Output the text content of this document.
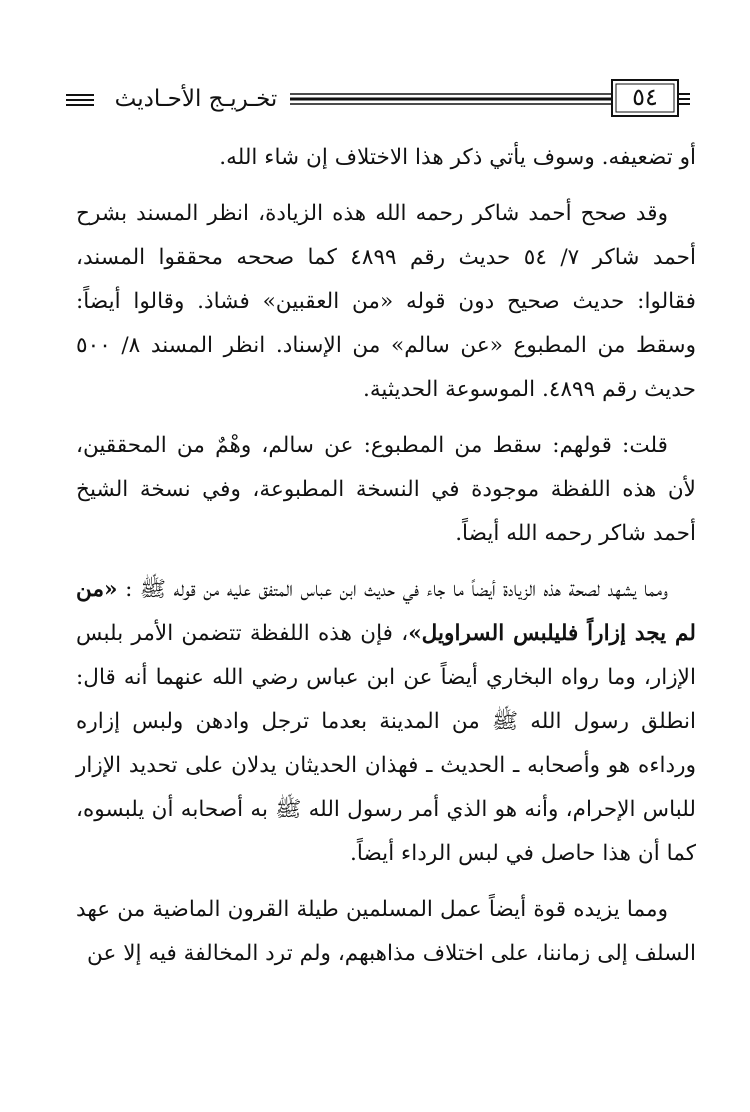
تخـريـج الأحـاديث	٥٤

أو تضعيفه. وسوف يأتي ذكر هذا الاختلاف إن شاء الله.

وقد صحح أحمد شاكر رحمه الله هذه الزيادة، انظر المسند بشرح أحمد شاكر ٧/ ٥٤ حديث رقم ٤٨٩٩ كما صححه محققوا المسند، فقالوا: حديث صحيح دون قوله «من العقبين» فشاذ. وقالوا أيضاً: وسقط من المطبوع «عن سالم» من الإسناد. انظر المسند ٨/ ٥٠٠ حديث رقم ٤٨٩٩. الموسوعة الحديثية.

قلت: قولهم: سقط من المطبوع: عن سالم، وهْمٌ من المحققين، لأن هذه اللفظة موجودة في النسخة المطبوعة، وفي نسخة الشيخ أحمد شاكر رحمه الله أيضاً.

ومما يشهد لصحة هذه الزيادة أيضاً ما جاء في حديث ابن عباس المتفق عليه من قوله ﷺ : «من لم يجد إزاراً فليلبس السراويل»، فإن هذه اللفظة تتضمن الأمر بلبس الإزار، وما رواه البخاري أيضاً عن ابن عباس رضي الله عنهما أنه قال: انطلق رسول الله ﷺ من المدينة بعدما ترجل وادهن ولبس إزاره ورداءه هو وأصحابه ـ الحديث ـ فهذان الحديثان يدلان على تحديد الإزار للباس الإحرام، وأنه هو الذي أمر رسول الله ﷺ به أصحابه أن يلبسوه، كما أن هذا حاصل في لبس الرداء أيضاً.

ومما يزيده قوة أيضاً عمل المسلمين طيلة القرون الماضية من عهد السلف إلى زماننا، على اختلاف مذاهبهم، ولم ترد المخالفة فيه إلا عن
